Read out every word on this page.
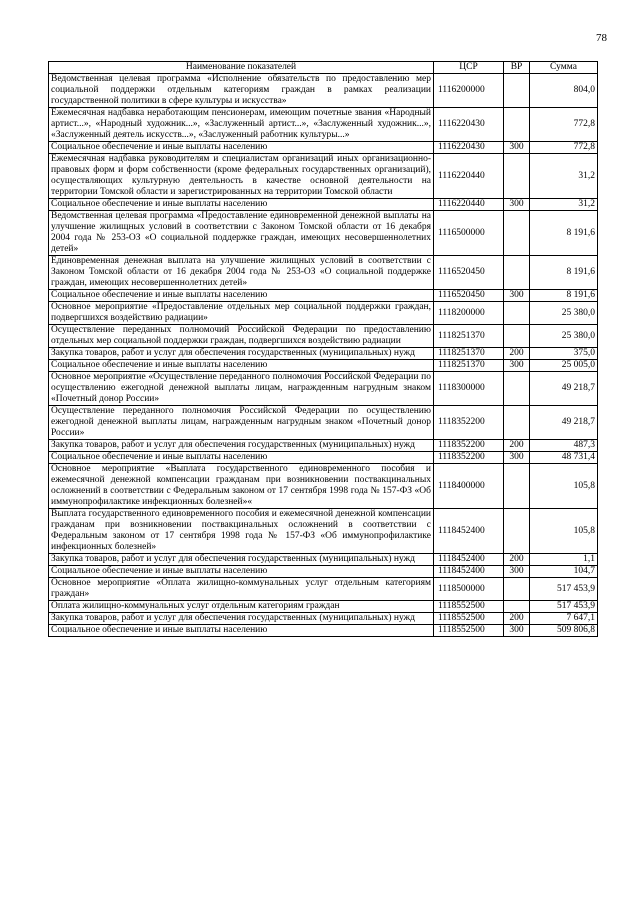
78
Наименование показателей	ЦСР	ВР	Сумма
Ведомственная целевая программа «Исполнение обязательств по предоставлению мер социальной поддержки отдельным категориям граждан в рамках реализации государственной политики в сфере культуры и искусства»	1116200000		804,0
Ежемесячная надбавка неработающим пенсионерам, имеющим почетные звания «Народный артист...», «Народный художник...», «Заслуженный артист...», «Заслуженный художник...», «Заслуженный деятель искусств...», «Заслуженный работник культуры...»	1116220430		772,8
Социальное обеспечение и иные выплаты населению	1116220430	300	772,8
Ежемесячная надбавка руководителям и специалистам организаций иных организационно-правовых форм и форм собственности (кроме федеральных государственных организаций), осуществляющих культурную деятельность в качестве основной деятельности на территории Томской области и зарегистрированных на территории Томской области	1116220440		31,2
Социальное обеспечение и иные выплаты населению	1116220440	300	31,2
Ведомственная целевая программа «Предоставление единовременной денежной выплаты на улучшение жилищных условий в соответствии с Законом Томской области от 16 декабря 2004 года № 253-ОЗ «О социальной поддержке граждан, имеющих несовершеннолетних детей»	1116500000		8 191,6
Единовременная денежная выплата на улучшение жилищных условий в соответствии с Законом Томской области от 16 декабря 2004 года № 253-ОЗ «О социальной поддержке граждан, имеющих несовершеннолетних детей»	1116520450		8 191,6
Социальное обеспечение и иные выплаты населению	1116520450	300	8 191,6
Основное мероприятие «Предоставление отдельных мер социальной поддержки граждан, подвергшихся воздействию радиации»	1118200000		25 380,0
Осуществление переданных полномочий Российской Федерации по предоставлению отдельных мер социальной поддержки граждан, подвергшихся воздействию радиации	1118251370		25 380,0
Закупка товаров, работ и услуг для обеспечения государственных (муниципальных) нужд	1118251370	200	375,0
Социальное обеспечение и иные выплаты населению	1118251370	300	25 005,0
Основное мероприятие «Осуществление переданного полномочия Российской Федерации по осуществлению ежегодной денежной выплаты лицам, награжденным нагрудным знаком «Почетный донор России»	1118300000		49 218,7
Осуществление переданного полномочия Российской Федерации по осуществлению ежегодной денежной выплаты лицам, награжденным нагрудным знаком «Почетный донор России»	1118352200		49 218,7
Закупка товаров, работ и услуг для обеспечения государственных (муниципальных) нужд	1118352200	200	487,3
Социальное обеспечение и иные выплаты населению	1118352200	300	48 731,4
Основное мероприятие «Выплата государственного единовременного пособия и ежемесячной денежной компенсации гражданам при возникновении поствакцинальных осложнений в соответствии с Федеральным законом от 17 сентября 1998 года № 157-ФЗ «Об иммунопрофилактике инфекционных болезней»«	1118400000		105,8
Выплата государственного единовременного пособия и ежемесячной денежной компенсации гражданам при возникновении поствакцинальных осложнений в соответствии с Федеральным законом от 17 сентября 1998 года № 157-ФЗ «Об иммунопрофилактике инфекционных болезней»	1118452400		105,8
Закупка товаров, работ и услуг для обеспечения государственных (муниципальных) нужд	1118452400	200	1,1
Социальное обеспечение и иные выплаты населению	1118452400	300	104,7
Основное мероприятие «Оплата жилищно-коммунальных услуг отдельным категориям граждан»	1118500000		517 453,9
Оплата жилищно-коммунальных услуг отдельным категориям граждан	1118552500		517 453,9
Закупка товаров, работ и услуг для обеспечения государственных (муниципальных) нужд	1118552500	200	7 647,1
Социальное обеспечение и иные выплаты населению	1118552500	300	509 806,8
